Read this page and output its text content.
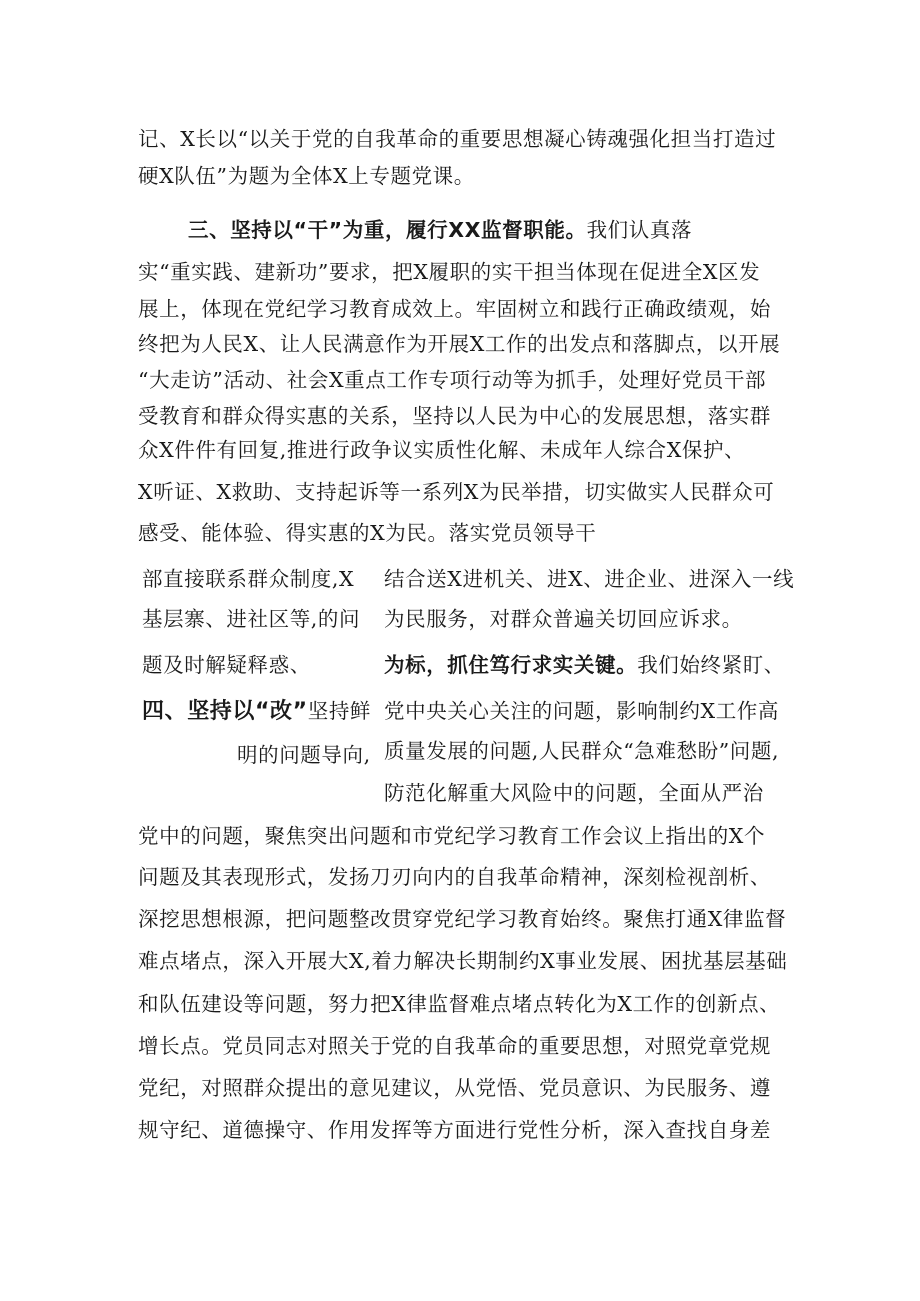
记、X长以“以关于党的自我革命的重要思想凝心铸魂强化担当打造过
硬X队伍”为题为全体X上专题党课。
三、坚持以“干”为重，履行XX监督职能。我们认真落
实“重实践、建新功”要求，把X履职的实干担当体现在促进全X区发
展上，体现在党纪学习教育成效上。牢固树立和践行正确政绩观，始
终把为人民X、让人民满意作为开展X工作的出发点和落脚点，以开展
“大走访”活动、社会X重点工作专项行动等为抓手，处理好党员干部
受教育和群众得实惠的关系，坚持以人民为中心的发展思想，落实群
众X件件有回复,推进行政争议实质性化解、未成年人综合X保护、
X听证、X救助、支持起诉等一系列X为民举措，切实做实人民群众可
感受、能体验、得实惠的X为民。落实党员领导干
部直接联系群众制度,X
基层寨、进社区等,的问
题及时解疑释惑、
四、坚持以“改”坚持鲜
明的问题导向,
结合送X进机关、进X、进企业、进深入一线
为民服务，对群众普遍关切回应诉求。
为标，抓住笃行求实关键。我们始终紧盯、
党中央关心关注的问题，影响制约X工作高
质量发展的问题,人民群众“急难愁盼”问题,
防范化解重大风险中的问题，全面从严治
党中的问题，聚焦突出问题和市党纪学习教育工作会议上指出的X个
问题及其表现形式，发扬刀刃向内的自我革命精神，深刻检视剖析、
深挖思想根源，把问题整改贯穿党纪学习教育始终。聚焦打通X律监督
难点堵点，深入开展大X,着力解决长期制约X事业发展、困扰基层基础
和队伍建设等问题，努力把X律监督难点堵点转化为X工作的创新点、
增长点。党员同志对照关于党的自我革命的重要思想，对照党章党规
党纪，对照群众提出的意见建议，从党悟、党员意识、为民服务、遵
规守纪、道德操守、作用发挥等方面进行党性分析，深入查找自身差
